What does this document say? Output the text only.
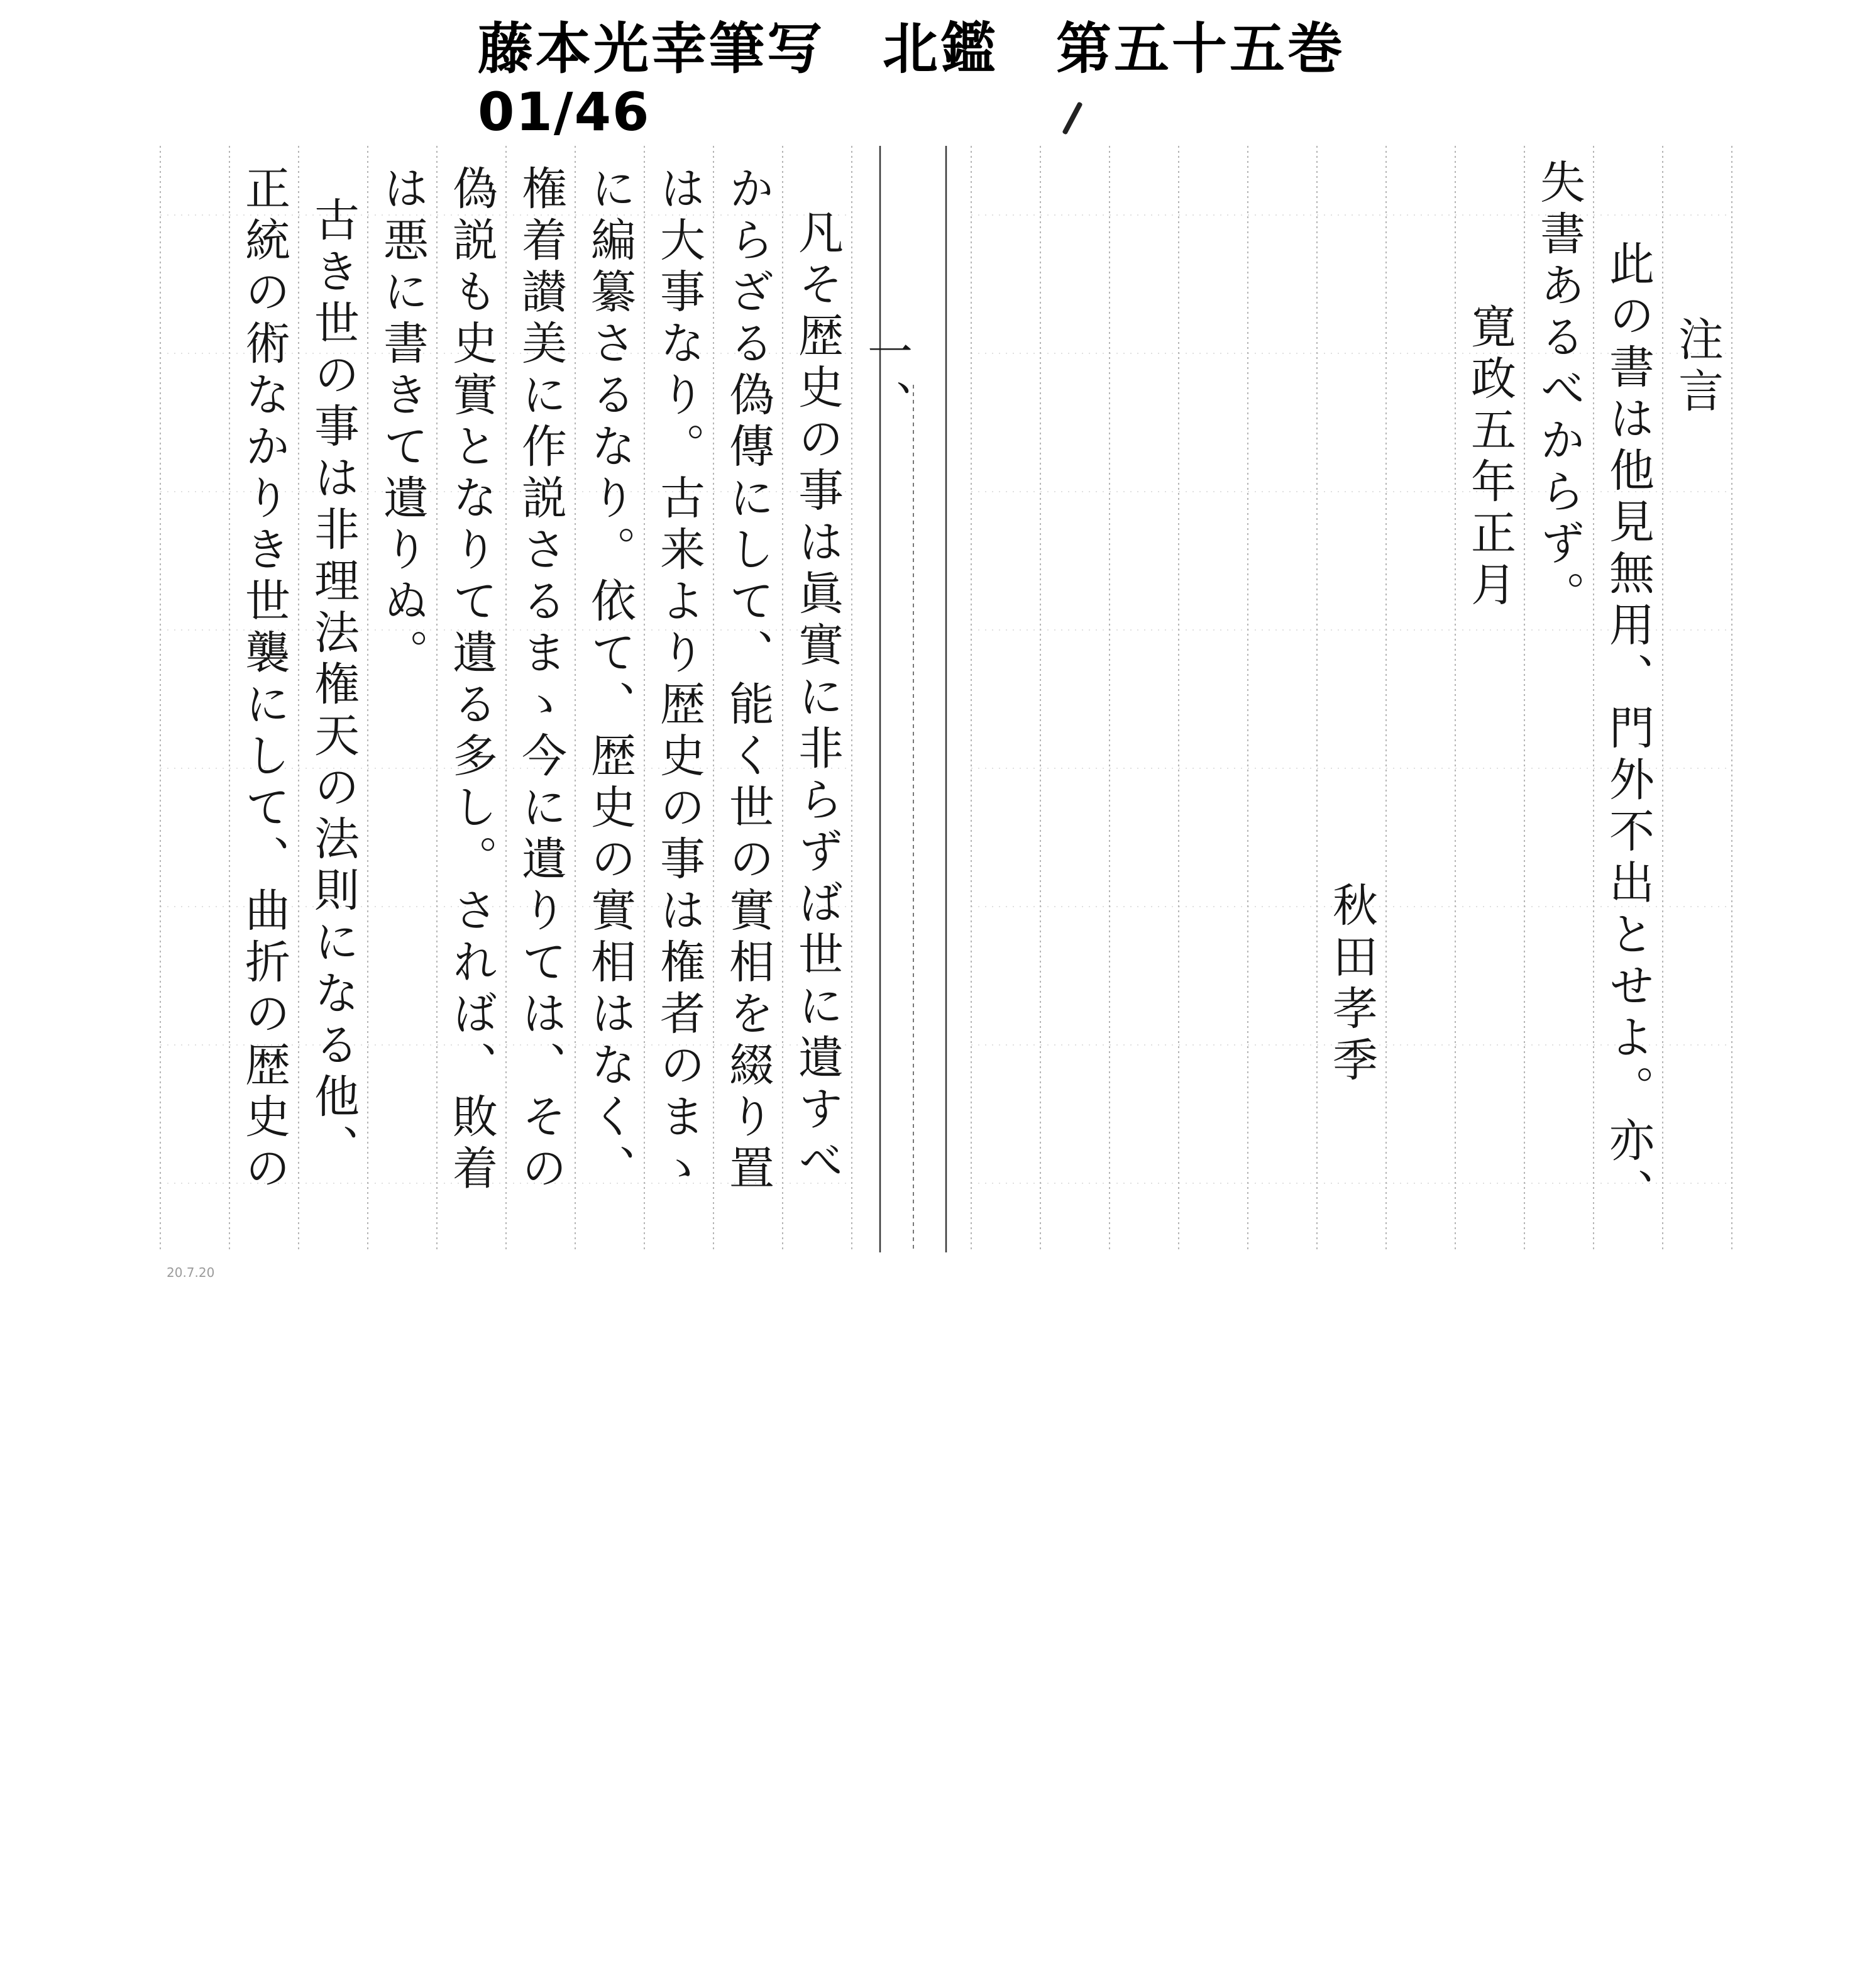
藤本光幸筆写　北鑑　第五十五巻
01/46
注言
此の書は他見無用、門外不出とせよ。亦、
失書あるべからず。
寛政五年正月
秋田孝季
一、
凡そ歴史の事は眞實に非らずば世に遺すべ
からざる偽傳にして、能く世の實相を綴り置
は大事なり。古来より歴史の事は権者のまゝ
に編纂さるなり。依て、歴史の實相はなく、
権着讃美に作説さるまゝ今に遺りては、その
偽説も史實となりて遺る多し。されば、敗着
は悪に書きて遺りぬ。
古き世の事は非理法権天の法則になる他、
正統の術なかりき世襲にして、曲折の歴史の
20.7.20
